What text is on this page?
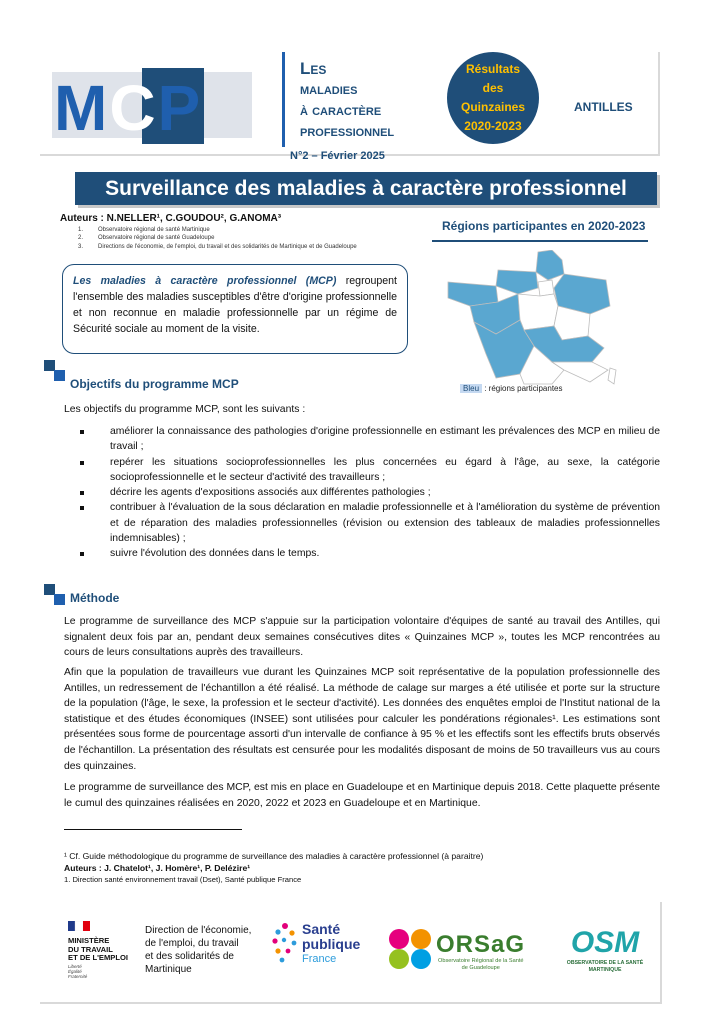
MCP
Les
maladies
à caractère
professionnel
N°2 – Février 2025
Résultats
des
Quinzaines
2020-2023
ANTILLES
Surveillance des maladies à caractère professionnel
Auteurs : N.NELLER¹, C.GOUDOU², G.ANOMA³
1. Observatoire régional de santé Martinique
2. Observatoire régional de santé Guadeloupe
3. Directions de l'économie, de l'emploi, du travail et des solidarités de Martinique et de Guadeloupe
Régions participantes en 2020-2023
Bleu : régions participantes
Les maladies à caractère professionnel (MCP) regroupent l'ensemble des maladies susceptibles d'être d'origine professionnelle et non reconnue en maladie professionnelle par un régime de Sécurité sociale au moment de la visite.
Objectifs du programme MCP
Les objectifs du programme MCP, sont les suivants :
améliorer la connaissance des pathologies d'origine professionnelle en estimant les prévalences des MCP en milieu de travail ;
repérer les situations socioprofessionnelles les plus concernées eu égard à l'âge, au sexe, la catégorie socioprofessionnelle et le secteur d'activité des travailleurs ;
décrire les agents d'expositions associés aux différentes pathologies ;
contribuer à l'évaluation de la sous déclaration en maladie professionnelle et à l'amélioration du système de prévention et de réparation des maladies professionnelles (révision ou extension des tableaux de maladies professionnelles indemnisables) ;
suivre l'évolution des données dans le temps.
Méthode
Le programme de surveillance des MCP s'appuie sur la participation volontaire d'équipes de santé au travail des Antilles, qui signalent deux fois par an, pendant deux semaines consécutives dites « Quinzaines MCP », toutes les MCP rencontrées au cours de leurs consultations auprès des travailleurs.
Afin que la population de travailleurs vue durant les Quinzaines MCP soit représentative de la population professionnelle des Antilles, un redressement de l'échantillon a été réalisé. La méthode de calage sur marges a été utilisée et porte sur la structure de la population (l'âge, le sexe, la profession et le secteur d'activité). Les données des enquêtes emploi de l'Institut national de la statistique et des études économiques (INSEE) sont utilisées pour calculer les pondérations régionales¹. Les estimations sont présentées sous forme de pourcentage assorti d'un intervalle de confiance à 95 % et les effectifs sont les effectifs bruts observés de l'échantillon. La présentation des résultats est censurée pour les modalités disposant de moins de 50 travailleurs vus au cours des quinzaines.
Le programme de surveillance des MCP, est mis en place en Guadeloupe et en Martinique depuis 2018. Cette plaquette présente le cumul des quinzaines réalisées en 2020, 2022 et 2023 en Guadeloupe et en Martinique.
¹ Cf. Guide méthodologique du programme de surveillance des maladies à caractère professionnel (à paraitre)
Auteurs : J. Chatelot¹, J. Homère¹, P. Delézire¹
1. Direction santé environnement travail (Dset), Santé publique France
MINISTÈRE
DU TRAVAIL
ET DE L'EMPLOI
Liberté
Égalité
Fraternité
Direction de l'économie,
de l'emploi, du travail
et des solidarités de
Martinique
Santé
publique
France
ORSaG
Observatoire Régional de la Santé
de Guadeloupe
OSM
OBSERVATOIRE DE LA SANTÉ
MARTINIQUE
